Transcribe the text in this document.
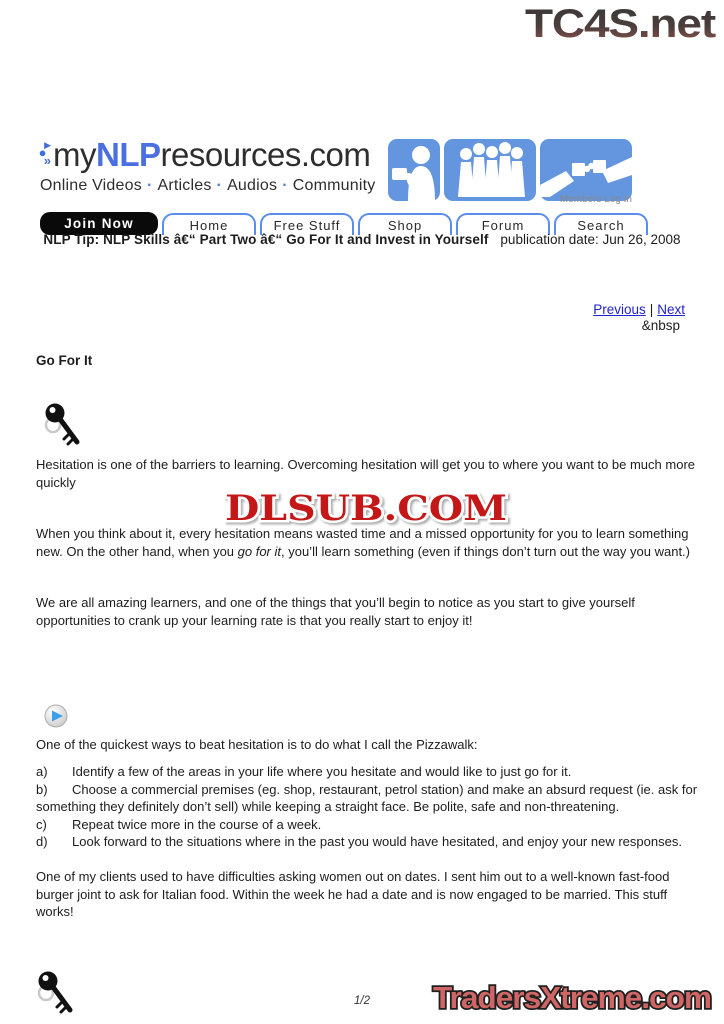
TC4S.net
▶
●
» myNLPresources.com
Online Videos · Articles · Audios · Community
Members Log In
Join Now	Home	Free Stuff	Shop	Forum	Search
NLP Tip: NLP Skills â€“ Part Two â€“ Go For It and Invest in Yourself publication date: Jun 26, 2008
Previous | Next
&nbsp
Go For It
Hesitation is one of the barriers to learning. Overcoming hesitation will get you to where you want to be much more quickly
DLSUB.COM
When you think about it, every hesitation means wasted time and a missed opportunity for you to learn something new. On the other hand, when you go for it, you’ll learn something (even if things don’t turn out the way you want.)
We are all amazing learners, and one of the things that you’ll begin to notice as you start to give yourself opportunities to crank up your learning rate is that you really start to enjoy it!
One of the quickest ways to beat hesitation is to do what I call the Pizzawalk:
a) Identify a few of the areas in your life where you hesitate and would like to just go for it.
b) Choose a commercial premises (eg. shop, restaurant, petrol station) and make an absurd request (ie. ask for something they definitely don’t sell) while keeping a straight face. Be polite, safe and non-threatening.
c) Repeat twice more in the course of a week.
d) Look forward to the situations where in the past you would have hesitated, and enjoy your new responses.
One of my clients used to have difficulties asking women out on dates. I sent him out to a well-known fast-food burger joint to ask for Italian food. Within the week he had a date and is now engaged to be married. This stuff works!
1/2	TradersXtreme.com
